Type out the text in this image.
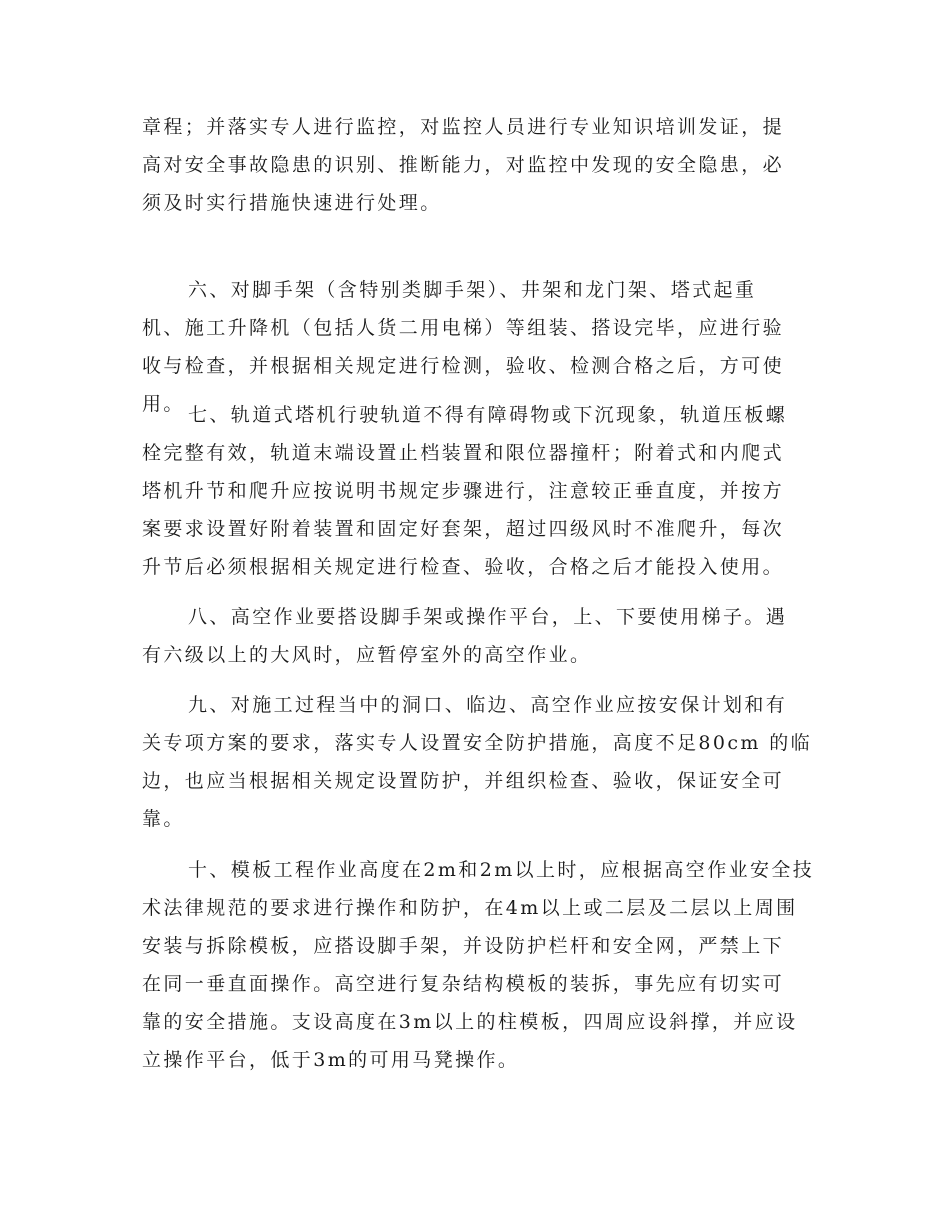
章程；并落实专人进行监控，对监控人员进行专业知识培训发证，提
高对安全事故隐患的识别、推断能力，对监控中发现的安全隐患，必
须及时实行措施快速进行处理。

六、对脚手架（含特别类脚手架）、井架和龙门架、塔式起重
机、施工升降机（包括人货二用电梯）等组装、搭设完毕，应进行验
收与检查，并根据相关规定进行检测，验收、检测合格之后，方可使
用。 七、轨道式塔机行驶轨道不得有障碍物或下沉现象，轨道压板螺
栓完整有效，轨道末端设置止档装置和限位器撞杆；附着式和内爬式
塔机升节和爬升应按说明书规定步骤进行，注意较正垂直度，并按方
案要求设置好附着装置和固定好套架，超过四级风时不准爬升，每次
升节后必须根据相关规定进行检查、验收，合格之后才能投入使用。

八、高空作业要搭设脚手架或操作平台，上、下要使用梯子。遇
有六级以上的大风时，应暂停室外的高空作业。

九、对施工过程当中的洞口、临边、高空作业应按安保计划和有
关专项方案的要求，落实专人设置安全防护措施，高度不足80cm 的临
边，也应当根据相关规定设置防护，并组织检查、验收，保证安全可
靠。

十、模板工程作业高度在2m和2m以上时，应根据高空作业安全技
术法律规范的要求进行操作和防护，在4m以上或二层及二层以上周围
安装与拆除模板，应搭设脚手架，并设防护栏杆和安全网，严禁上下
在同一垂直面操作。高空进行复杂结构模板的装拆，事先应有切实可
靠的安全措施。支设高度在3m以上的柱模板，四周应设斜撑，并应设
立操作平台，低于3m的可用马凳操作。
